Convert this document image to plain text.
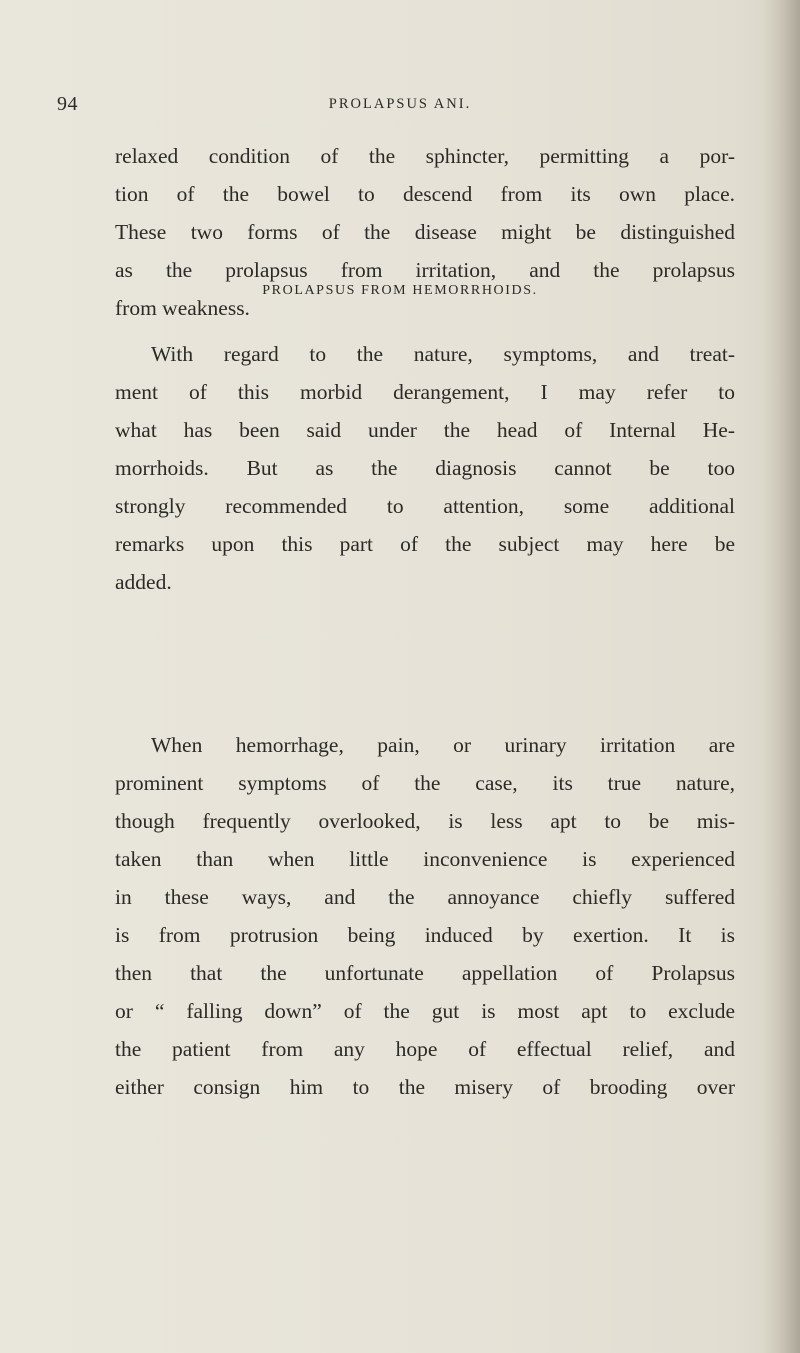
94	PROLAPSUS ANI.
relaxed condition of the sphincter, permitting a por-
tion of the bowel to descend from its own place.
These two forms of the disease might be distinguished
as the prolapsus from irritation, and the prolapsus
from weakness.
PROLAPSUS FROM HEMORRHOIDS.
With regard to the nature, symptoms, and treat-
ment of this morbid derangement, I may refer to
what has been said under the head of Internal He-
morrhoids. But as the diagnosis cannot be too
strongly recommended to attention, some additional
remarks upon this part of the subject may here be
added.
When hemorrhage, pain, or urinary irritation are
prominent symptoms of the case, its true nature,
though frequently overlooked, is less apt to be mis-
taken than when little inconvenience is experienced
in these ways, and the annoyance chiefly suffered
is from protrusion being induced by exertion. It is
then that the unfortunate appellation of Prolapsus
or “ falling down” of the gut is most apt to exclude
the patient from any hope of effectual relief, and
either consign him to the misery of brooding over
